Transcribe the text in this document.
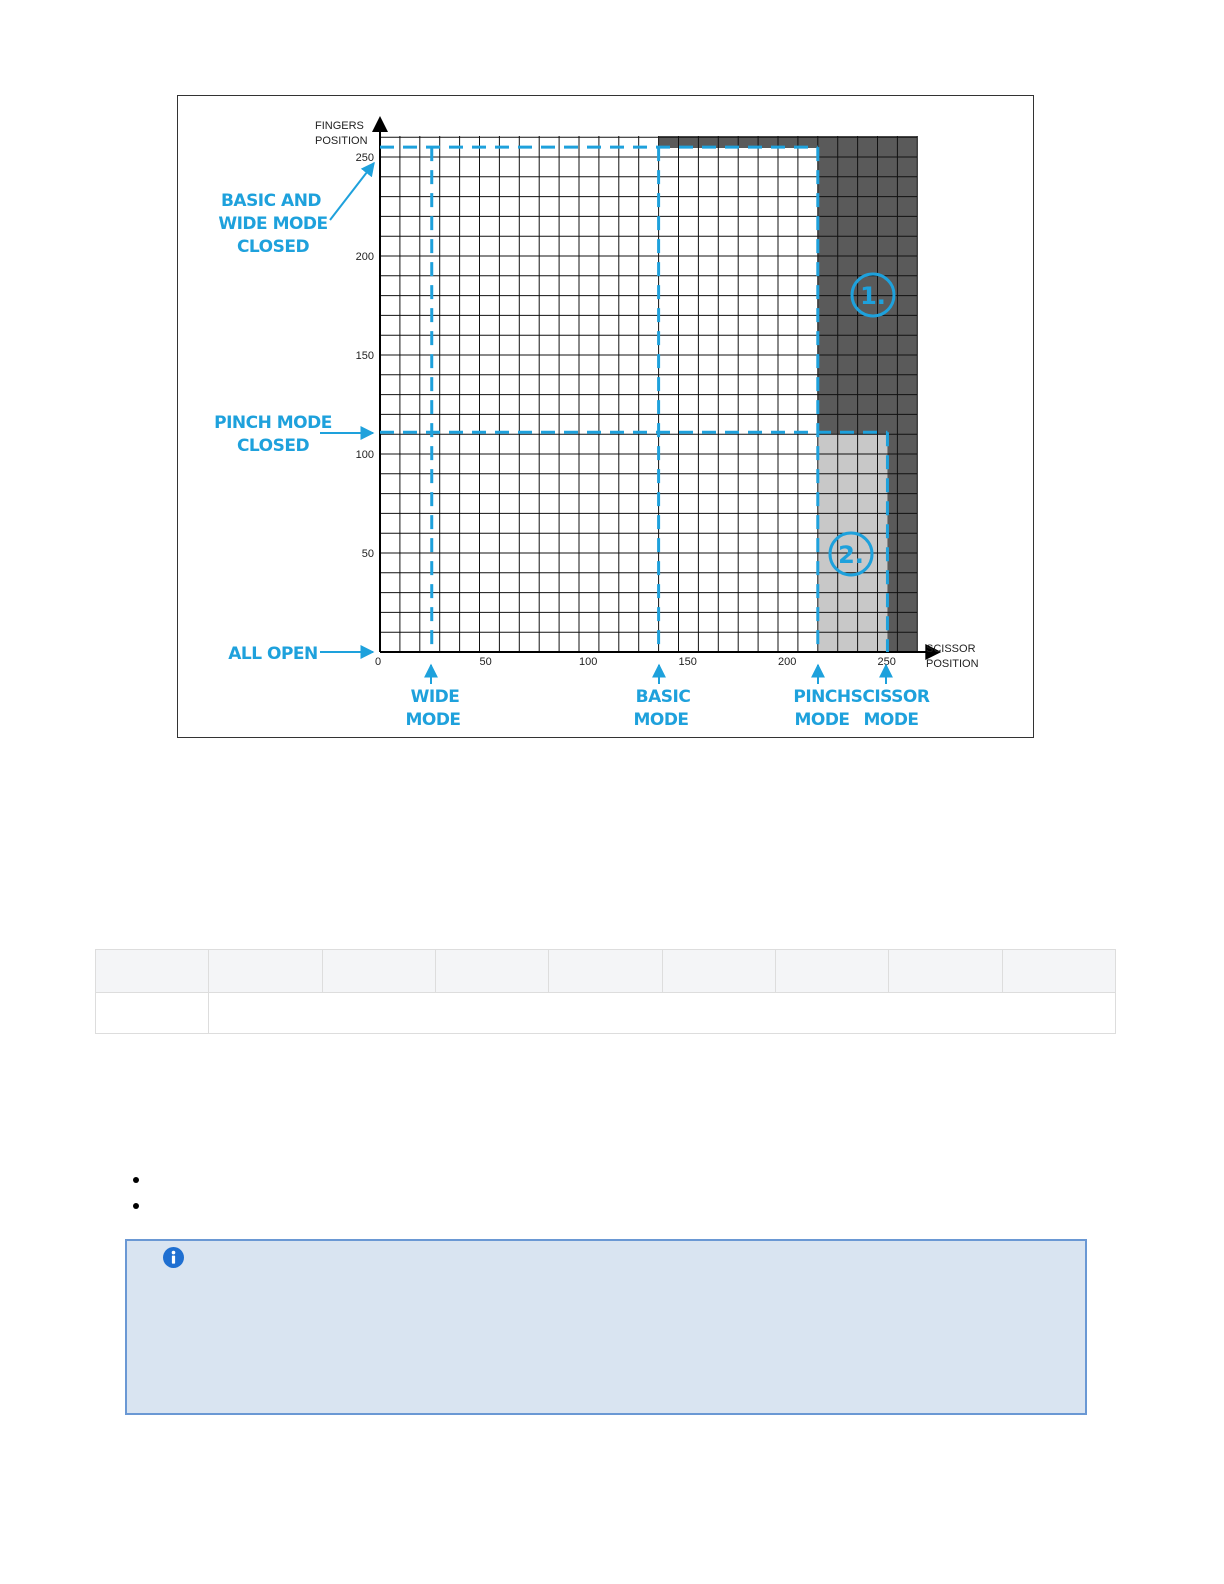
0	50	100	150	200	250
50
100
150
200
250
FINGERS
POSITION
SCISSOR
POSITION
1.
2.
BASIC AND
WIDE MODE
CLOSED
PINCH MODE
CLOSED
ALL OPEN
WIDE
MODE
BASIC
MODE
PINCH
MODE
SCISSOR
MODE
